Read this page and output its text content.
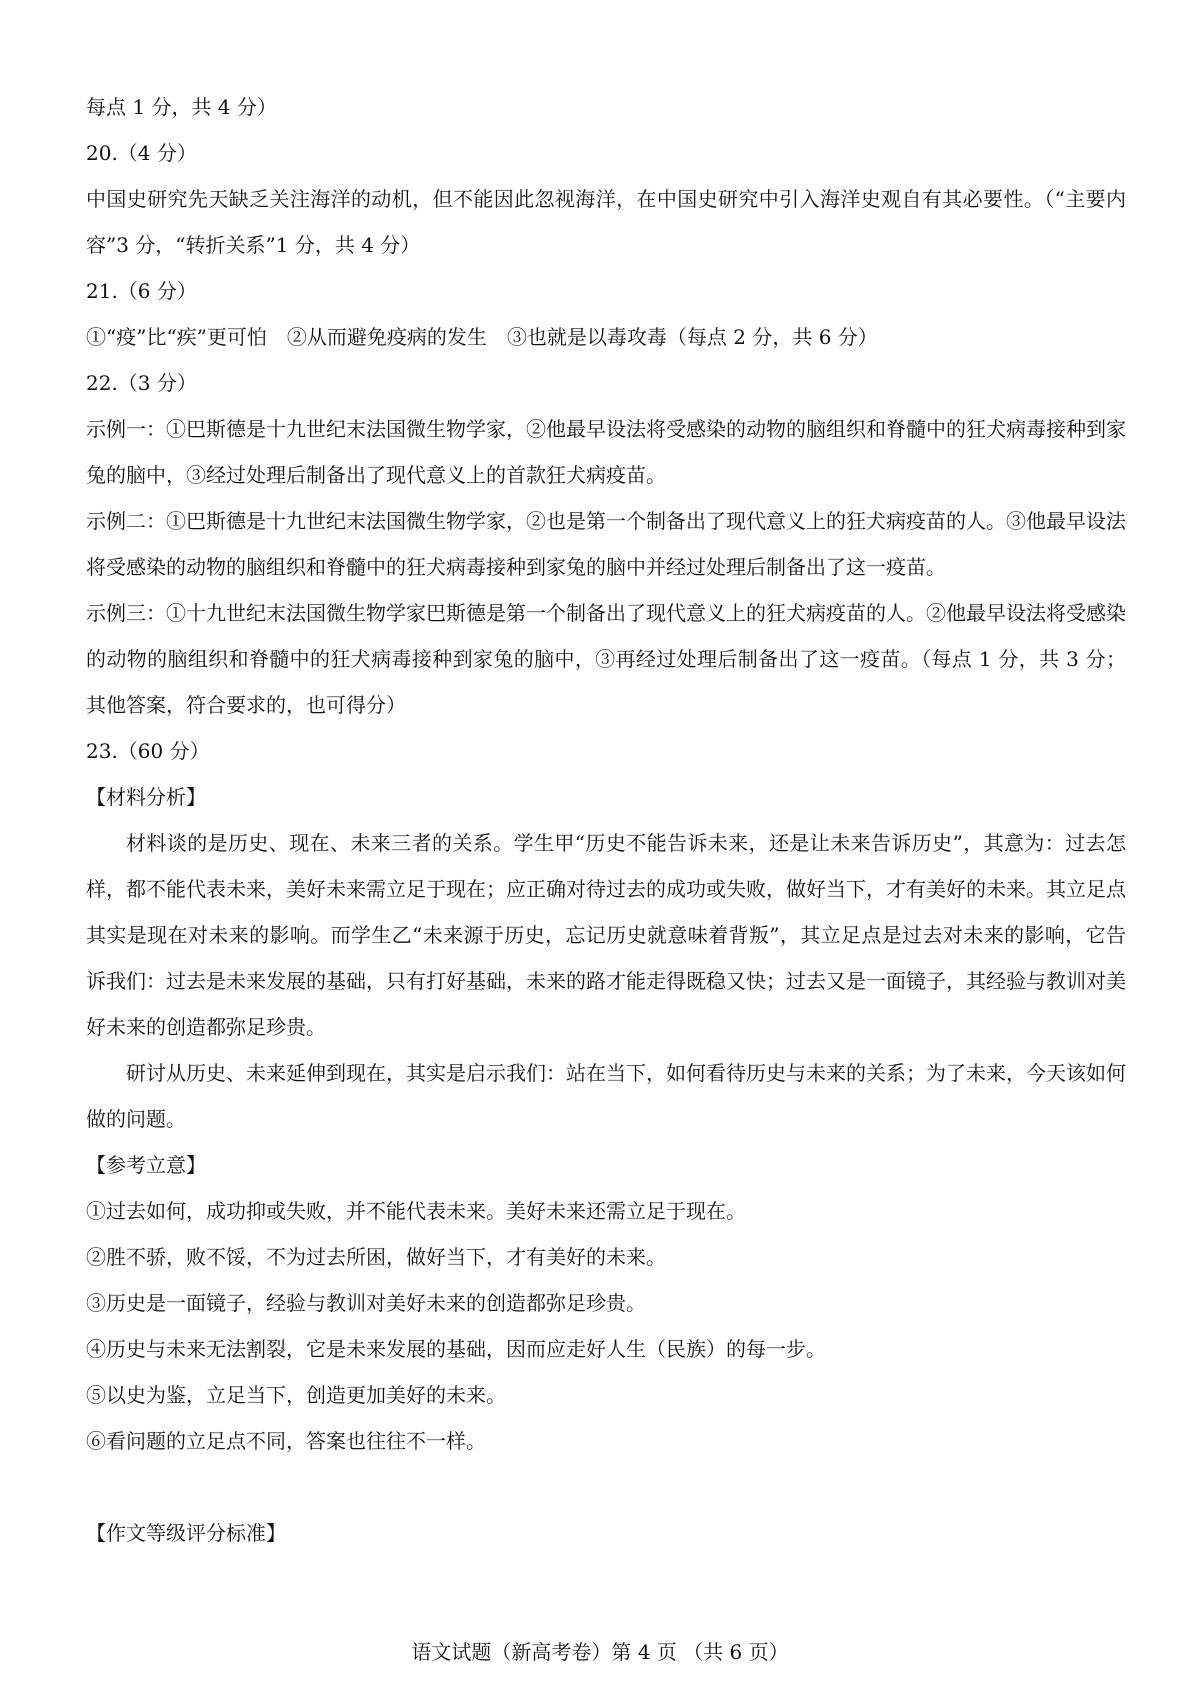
每点 1 分，共 4 分）
20.（4 分）
中国史研究先天缺乏关注海洋的动机，但不能因此忽视海洋，在中国史研究中引入海洋史观自有其必要性。（“主要内容”3 分，“转折关系”1 分，共 4 分）
21.（6 分）
①“疫”比“疾”更可怕　②从而避免疫病的发生　③也就是以毒攻毒（每点 2 分，共 6 分）
22.（3 分）
示例一：①巴斯德是十九世纪末法国微生物学家，②他最早设法将受感染的动物的脑组织和脊髓中的狂犬病毒接种到家兔的脑中，③经过处理后制备出了现代意义上的首款狂犬病疫苗。
示例二：①巴斯德是十九世纪末法国微生物学家，②也是第一个制备出了现代意义上的狂犬病疫苗的人。③他最早设法将受感染的动物的脑组织和脊髓中的狂犬病毒接种到家兔的脑中并经过处理后制备出了这一疫苗。
示例三：①十九世纪末法国微生物学家巴斯德是第一个制备出了现代意义上的狂犬病疫苗的人。②他最早设法将受感染的动物的脑组织和脊髓中的狂犬病毒接种到家兔的脑中，③再经过处理后制备出了这一疫苗。（每点 1 分，共 3 分；其他答案，符合要求的，也可得分）
23.（60 分）
【材料分析】
材料谈的是历史、现在、未来三者的关系。学生甲“历史不能告诉未来，还是让未来告诉历史”，其意为：过去怎样，都不能代表未来，美好未来需立足于现在；应正确对待过去的成功或失败，做好当下，才有美好的未来。其立足点其实是现在对未来的影响。而学生乙“未来源于历史，忘记历史就意味着背叛”，其立足点是过去对未来的影响，它告诉我们：过去是未来发展的基础，只有打好基础，未来的路才能走得既稳又快；过去又是一面镜子，其经验与教训对美好未来的创造都弥足珍贵。
研讨从历史、未来延伸到现在，其实是启示我们：站在当下，如何看待历史与未来的关系；为了未来，今天该如何做的问题。
【参考立意】
①过去如何，成功抑或失败，并不能代表未来。美好未来还需立足于现在。
②胜不骄，败不馁，不为过去所困，做好当下，才有美好的未来。
③历史是一面镜子，经验与教训对美好未来的创造都弥足珍贵。
④历史与未来无法割裂，它是未来发展的基础，因而应走好人生（民族）的每一步。
⑤以史为鉴，立足当下，创造更加美好的未来。
⑥看问题的立足点不同，答案也往往不一样。
【作文等级评分标准】
语文试题（新高考卷）第 4 页 （共 6 页）
